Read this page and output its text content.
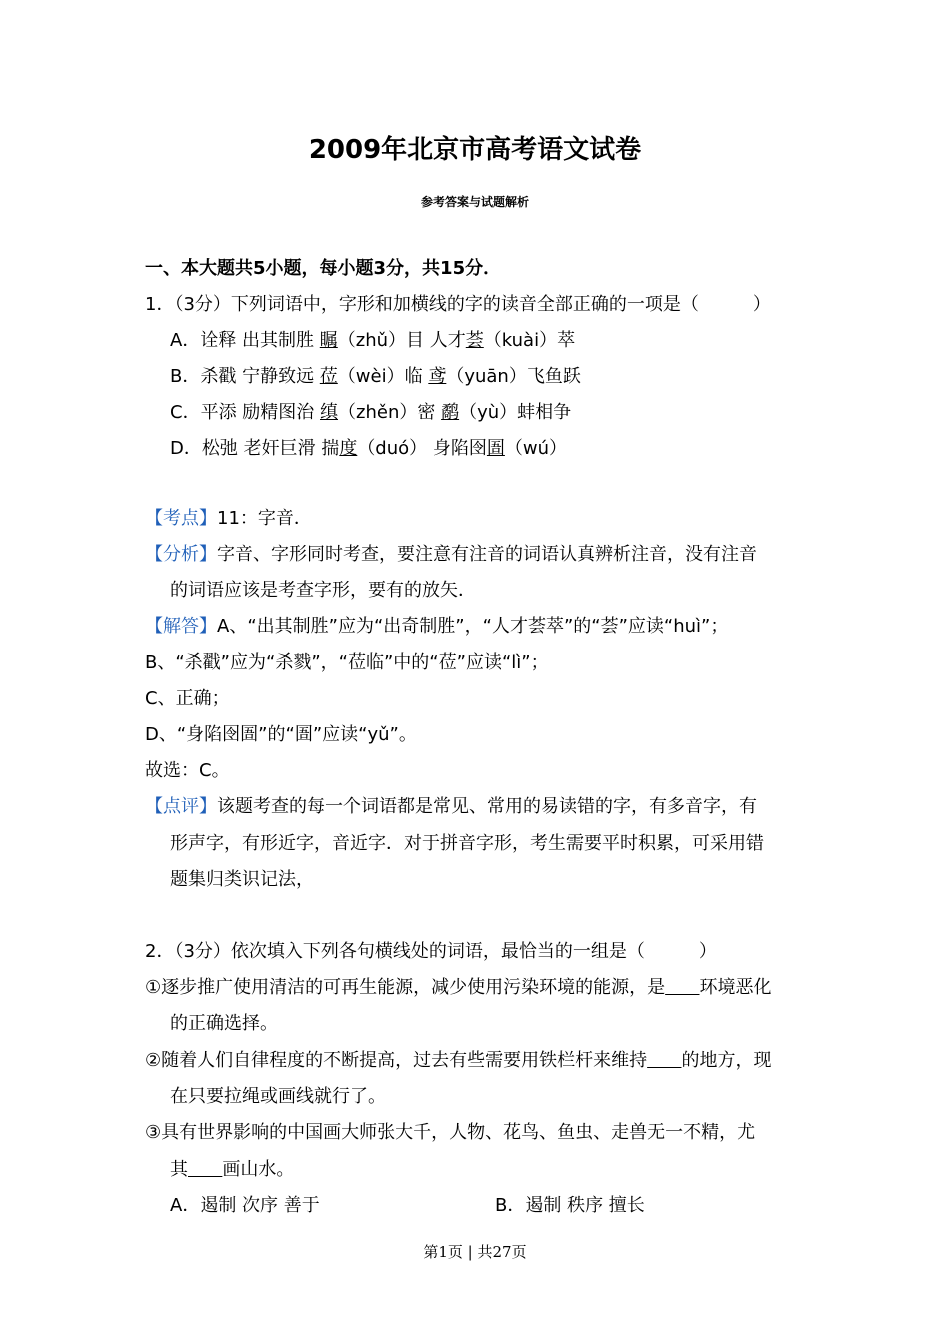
2009年北京市高考语文试卷
参考答案与试题解析
一、本大题共5小题，每小题3分，共15分．
1．（3分）下列词语中，字形和加横线的字的读音全部正确的一项是（　　　）
A．诠释 出其制胜 瞩（zhǔ）目 人才荟（kuài）萃
B．杀戳 宁静致远 莅（wèi）临 鸢（yuān）飞鱼跃
C．平添 励精图治 缜（zhěn）密 鹬（yù）蚌相争
D．松弛 老奸巨滑 揣度（duó） 身陷囹圄（wú）
【考点】11：字音．
【分析】字音、字形同时考查，要注意有注音的词语认真辨析注音，没有注音
的词语应该是考查字形，要有的放矢．
【解答】A、“出其制胜”应为“出奇制胜”，“人才荟萃”的“荟”应读“huì”；
B、“杀戳”应为“杀戮”，“莅临”中的“莅”应读“lì”；
C、正确；
D、“身陷囹圄”的“圄”应读“yǔ”。
故选：C。
【点评】该题考查的每一个词语都是常见、常用的易读错的字，有多音字，有
形声字，有形近字，音近字．对于拼音字形，考生需要平时积累，可采用错
题集归类识记法，
2．（3分）依次填入下列各句横线处的词语，最恰当的一组是（　　　）
①逐步推广使用清洁的可再生能源，减少使用污染环境的能源，是 环境恶化
的正确选择。
②随着人们自律程度的不断提高，过去有些需要用铁栏杆来维持 的地方，现
在只要拉绳或画线就行了。
③具有世界影响的中国画大师张大千，人物、花鸟、鱼虫、走兽无一不精，尤
其 画山水。
A．遏制 次序 善于	B．遏制 秩序 擅长
第1页 | 共27页
